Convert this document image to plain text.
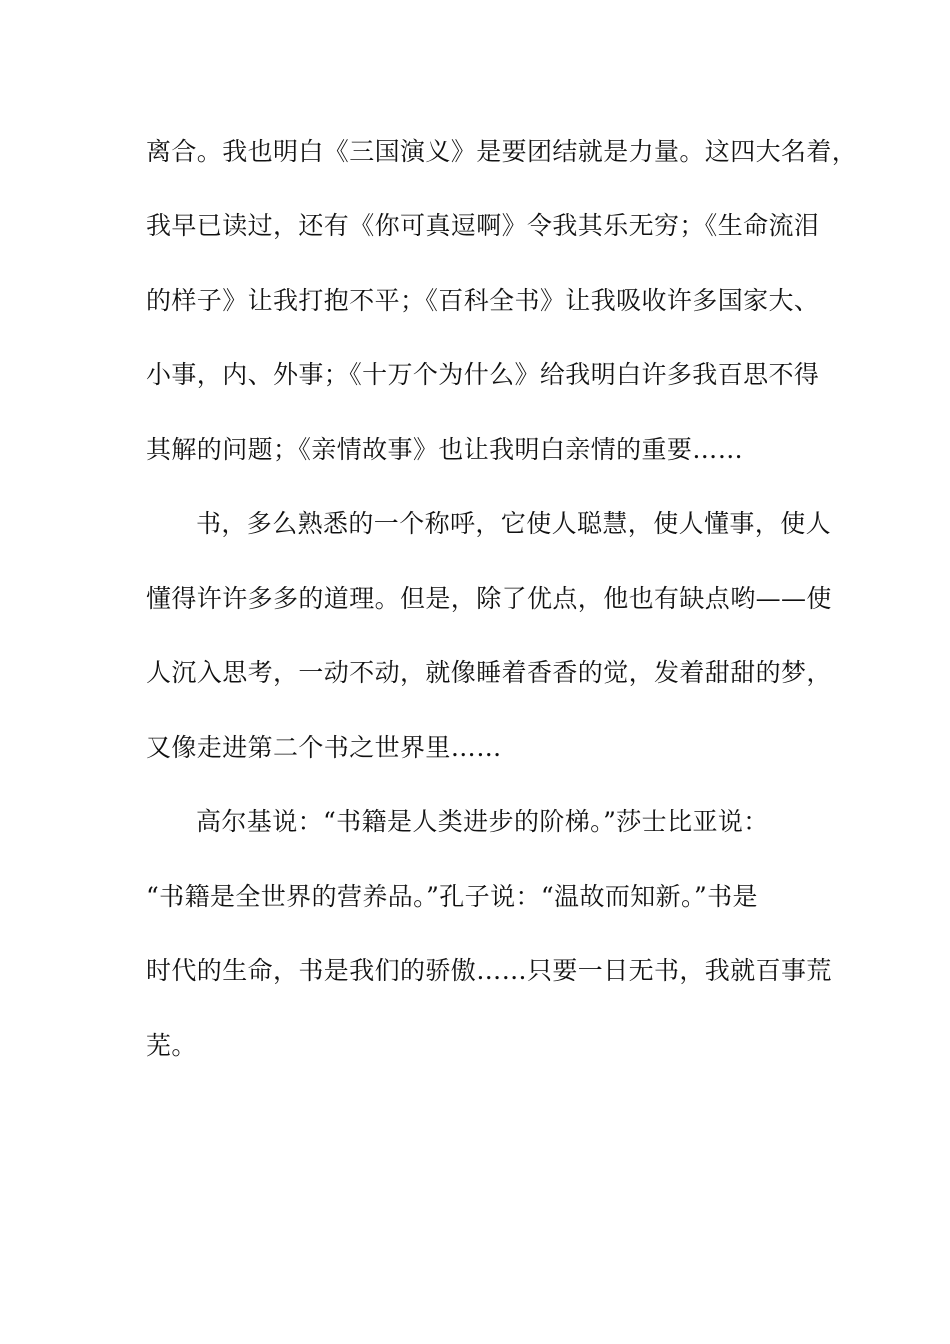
离合。我也明白《三国演义》是要团结就是力量。这四大名着，
我早已读过，还有《你可真逗啊》令我其乐无穷；《生命流泪
的样子》让我打抱不平；《百科全书》让我吸收许多国家大、
小事，内、外事；《十万个为什么》给我明白许多我百思不得
其解的问题；《亲情故事》也让我明白亲情的重要……
书，多么熟悉的一个称呼，它使人聪慧，使人懂事，使人
懂得许许多多的道理。但是，除了优点，他也有缺点哟——使
人沉入思考，一动不动，就像睡着香香的觉，发着甜甜的梦，
又像走进第二个书之世界里……
高尔基说：“书籍是人类进步的阶梯。”莎士比亚说：
“书籍是全世界的营养品。”孔子说：“温故而知新。”书是
时代的生命，书是我们的骄傲……只要一日无书，我就百事荒
芜。
